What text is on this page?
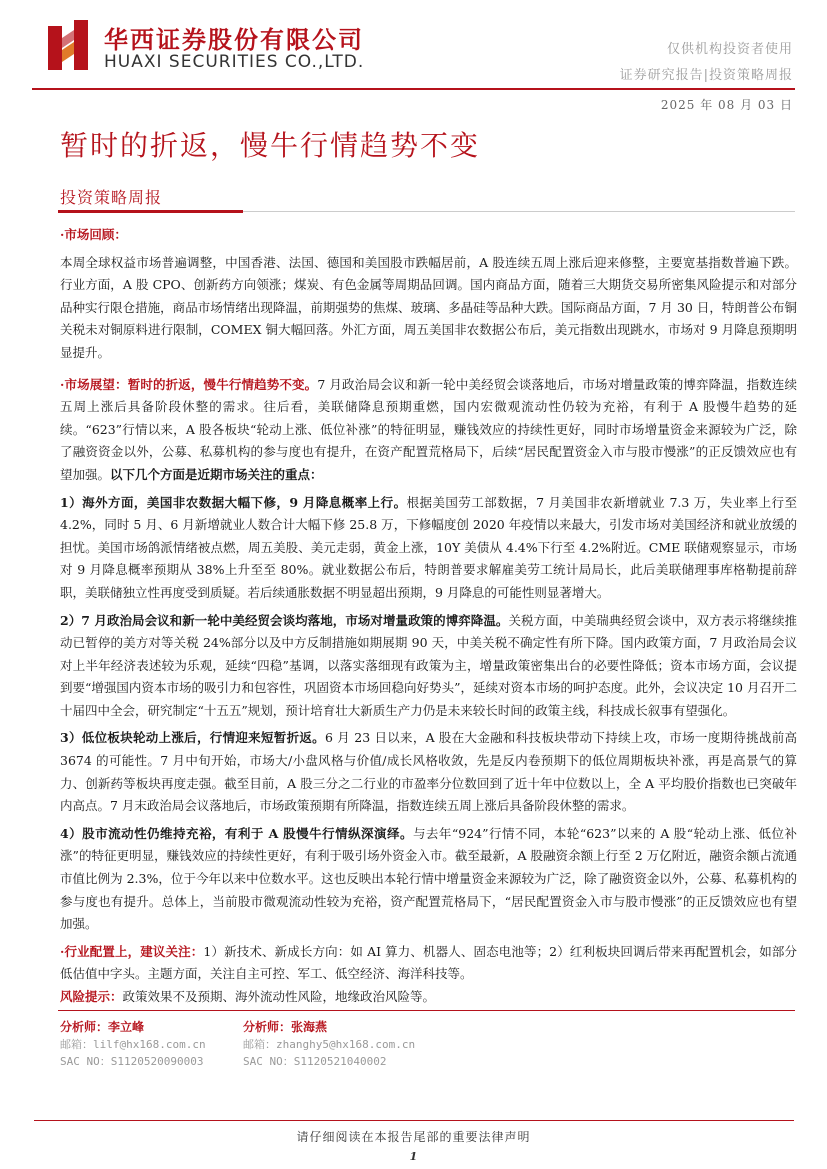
华西证券股份有限公司
HUAXI SECURITIES CO.,LTD.
仅供机构投资者使用
证券研究报告|投资策略周报
2025 年 08 月 03 日
暂时的折返，慢牛行情趋势不变
投资策略周报

·市场回顾：

本周全球权益市场普遍调整，中国香港、法国、德国和美国股市跌幅居前，A 股连续五周上涨后迎来修整，主要宽基指数普遍下跌。行业方面，A 股 CPO、创新药方向领涨；煤炭、有色金属等周期品回调。国内商品方面，随着三大期货交易所密集风险提示和对部分品种实行限仓措施，商品市场情绪出现降温，前期强势的焦煤、玻璃、多晶硅等品种大跌。国际商品方面，7 月 30 日，特朗普公布铜关税未对铜原料进行限制，COMEX 铜大幅回落。外汇方面，周五美国非农数据公布后，美元指数出现跳水，市场对 9 月降息预期明显提升。

·市场展望：暂时的折返，慢牛行情趋势不变。7 月政治局会议和新一轮中美经贸会谈落地后，市场对增量政策的博弈降温，指数连续五周上涨后具备阶段休整的需求。往后看，美联储降息预期重燃，国内宏微观流动性仍较为充裕，有利于 A 股慢牛趋势的延续。“623”行情以来，A 股各板块“轮动上涨、低位补涨”的特征明显，赚钱效应的持续性更好，同时市场增量资金来源较为广泛，除了融资资金以外，公募、私募机构的参与度也有提升，在资产配置荒格局下，后续“居民配置资金入市与股市慢涨”的正反馈效应也有望加强。以下几个方面是近期市场关注的重点：

1）海外方面，美国非农数据大幅下修，9 月降息概率上行。根据美国劳工部数据，7 月美国非农新增就业 7.3 万，失业率上行至 4.2%，同时 5 月、6 月新增就业人数合计大幅下修 25.8 万，下修幅度创 2020 年疫情以来最大，引发市场对美国经济和就业放缓的担忧。美国市场鸽派情绪被点燃，周五美股、美元走弱，黄金上涨，10Y 美债从 4.4%下行至 4.2%附近。CME 联储观察显示，市场对 9 月降息概率预期从 38%上升至至 80%。就业数据公布后，特朗普要求解雇美劳工统计局局长，此后美联储理事库格勒提前辞职，美联储独立性再度受到质疑。若后续通胀数据不明显超出预期，9 月降息的可能性则显著增大。

2）7 月政治局会议和新一轮中美经贸会谈均落地，市场对增量政策的博弈降温。关税方面，中美瑞典经贸会谈中，双方表示将继续推动已暂停的美方对等关税 24%部分以及中方反制措施如期展期 90 天，中美关税不确定性有所下降。国内政策方面，7 月政治局会议对上半年经济表述较为乐观，延续“四稳”基调，以落实落细现有政策为主，增量政策密集出台的必要性降低；资本市场方面，会议提到要“增强国内资本市场的吸引力和包容性，巩固资本市场回稳向好势头”，延续对资本市场的呵护态度。此外，会议决定 10 月召开二十届四中全会，研究制定“十五五”规划，预计培育壮大新质生产力仍是未来较长时间的政策主线，科技成长叙事有望强化。

3）低位板块轮动上涨后，行情迎来短暂折返。6 月 23 日以来，A 股在大金融和科技板块带动下持续上攻，市场一度期待挑战前高 3674 的可能性。7 月中旬开始，市场大/小盘风格与价值/成长风格收敛，先是反内卷预期下的低位周期板块补涨，再是高景气的算力、创新药等板块再度走强。截至目前，A 股三分之二行业的市盈率分位数回到了近十年中位数以上，全 A 平均股价指数也已突破年内高点。7 月末政治局会议落地后，市场政策预期有所降温，指数连续五周上涨后具备阶段休整的需求。

4）股市流动性仍维持充裕，有利于 A 股慢牛行情纵深演绎。与去年“924”行情不同，本轮“623”以来的 A 股“轮动上涨、低位补涨”的特征更明显，赚钱效应的持续性更好，有利于吸引场外资金入市。截至最新，A 股融资余额上行至 2 万亿附近，融资余额占流通市值比例为 2.3%，位于今年以来中位数水平。这也反映出本轮行情中增量资金来源较为广泛，除了融资资金以外，公募、私募机构的参与度也有提升。总体上，当前股市微观流动性较为充裕，资产配置荒格局下，“居民配置资金入市与股市慢涨”的正反馈效应也有望加强。

·行业配置上，建议关注：1）新技术、新成长方向：如 AI 算力、机器人、固态电池等；2）红利板块回调后带来再配置机会，如部分低估值中字头。主题方面，关注自主可控、军工、低空经济、海洋科技等。

风险提示：政策效果不及预期、海外流动性风险，地缘政治风险等。

分析师：李立峰
邮箱：lilf@hx168.com.cn
SAC NO：S1120520090003
分析师：张海燕
邮箱：zhanghy5@hx168.com.cn
SAC NO：S1120521040002
请仔细阅读在本报告尾部的重要法律声明
1
